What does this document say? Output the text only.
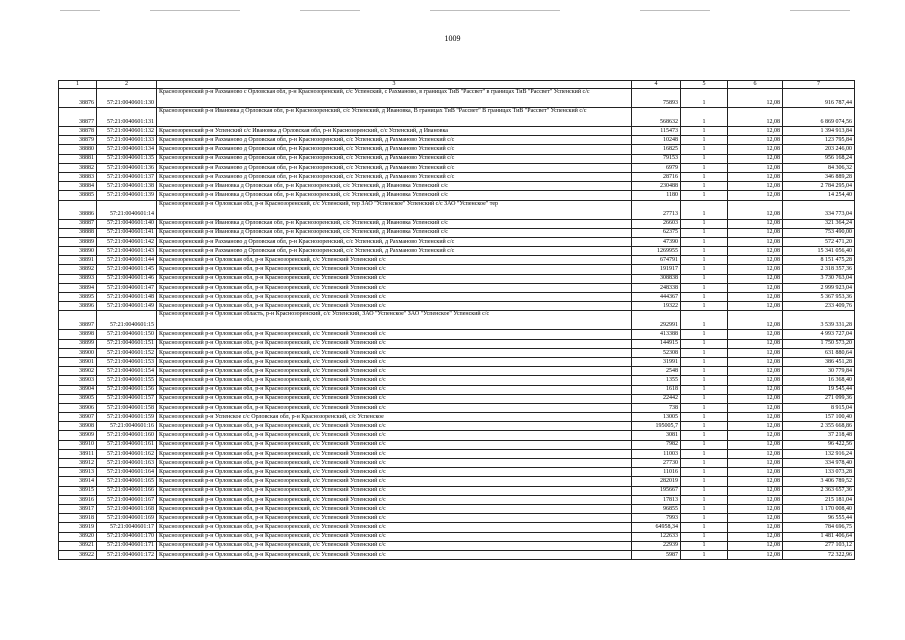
1009
1	2	3	4	5	6	7
38876	57:21:0040601:130	Краснозоренский р-н Рахманово с Орловская обл, р-н Краснозоренский, с/с Успенский, с Рахманово, в границах ТиВ "Рассвет" в границах ТиВ "Рассвет" Успенский с/с	75893	1	12,08	916 787,44
38877	57:21:0040601:131	Краснозоренский р-н Ивановка д Орловская обл, р-н Краснозоренский, с/с Успенский, д Ивановка, В границах ТиВ "Рассвет" В границах ТиВ "Рассвет" Успенский с/с	568632	1	12,08	6 869 074,56
38878	57:21:0040601:132	Краснозоренский р-н Успенский с/с Ивановка д Орловская обл, р-н Краснозоренский, с/с Успенский, д Ивановка	115473	1	12,08	1 394 913,84
38879	57:21:0040601:133	Краснозоренский р-н Рахманово д Орловская обл, р-н Краснозоренский, с/с Успенский, д Рахманово Успенский с/с	10248	1	12,08	123 795,84
38880	57:21:0040601:134	Краснозоренский р-н Рахманово д Орловская обл, р-н Краснозоренский, с/с Успенский, д Рахманово Успенский с/с	16825	1	12,08	203 246,00
38881	57:21:0040601:135	Краснозоренский р-н Рахманово д Орловская обл, р-н Краснозоренский, с/с Успенский, д Рахманово Успенский с/с	79153	1	12,08	956 168,24
38882	57:21:0040601:136	Краснозоренский р-н Рахманово д Орловская обл, р-н Краснозоренский, с/с Успенский, д Рахманово Успенский с/с	6979	1	12,08	84 306,32
38883	57:21:0040601:137	Краснозоренский р-н Рахманово д Орловская обл, р-н Краснозоренский, с/с Успенский, д Рахманово Успенский с/с	28716	1	12,08	346 889,28
38884	57:21:0040601:138	Краснозоренский р-н Ивановка д Орловская обл, р-н Краснозоренский, с/с Успенский, д Ивановка Успенский с/с	230488	1	12,08	2 784 295,04
38885	57:21:0040601:139	Краснозоренский р-н Ивановка д Орловская обл, р-н Краснозоренский, с/с Успенский, д Ивановка Успенский с/с	1180	1	12,08	14 254,40
38886	57:21:0040601:14	Краснозоренский р-н Орловская обл, р-н Краснозоренский, с/с Успенский, тер ЗАО "Успенское" Успенский с/с ЗАО "Успенское" тер	27713	1	12,08	334 773,04
38887	57:21:0040601:140	Краснозоренский р-н Ивановка д Орловская обл, р-н Краснозоренский, с/с Успенский, д Ивановка Успенский с/с	26603	1	12,08	321 364,24
38888	57:21:0040601:141	Краснозоренский р-н Ивановка д Орловская обл, р-н Краснозоренский, с/с Успенский, д Ивановка Успенский с/с	62375	1	12,08	753 490,00
38889	57:21:0040601:142	Краснозоренский р-н Рахманово д Орловская обл, р-н Краснозоренский, с/с Успенский, д Рахманово Успенский с/с	47390	1	12,08	572 471,20
38890	57:21:0040601:143	Краснозоренский р-н Рахманово д Орловская обл, р-н Краснозоренский, с/с Успенский, д Рахманово Успенский с/с	1269955	1	12,08	15 341 056,40
38891	57:21:0040601:144	Краснозоренский р-н Орловская обл, р-н Краснозоренский, с/с Успенский Успенский с/с	674791	1	12,08	8 151 475,28
38892	57:21:0040601:145	Краснозоренский р-н Орловская обл, р-н Краснозоренский, с/с Успенский Успенский с/с	191917	1	12,08	2 318 357,36
38893	57:21:0040601:146	Краснозоренский р-н Орловская обл, р-н Краснозоренский, с/с Успенский Успенский с/с	308838	1	12,08	3 730 763,04
38894	57:21:0040601:147	Краснозоренский р-н Орловская обл, р-н Краснозоренский, с/с Успенский Успенский с/с	248338	1	12,08	2 999 923,04
38895	57:21:0040601:148	Краснозоренский р-н Орловская обл, р-н Краснозоренский, с/с Успенский Успенский с/с	444367	1	12,08	5 367 953,36
38896	57:21:0040601:149	Краснозоренский р-н Орловская обл, р-н Краснозоренский, с/с Успенский Успенский с/с	19322	1	12,08	233 409,76
38897	57:21:0040601:15	Краснозоренский р-н Орловская область, р-н Краснозоренский, с/с Успенский, ЗАО "Успенское" ЗАО "Успенское" Успенский с/с	292991	1	12,08	3 539 331,28
38898	57:21:0040601:150	Краснозоренский р-н Орловская обл, р-н Краснозоренский, с/с Успенский Успенский с/с	413388	1	12,08	4 993 727,04
38899	57:21:0040601:151	Краснозоренский р-н Орловская обл, р-н Краснозоренский, с/с Успенский Успенский с/с	144915	1	12,08	1 750 573,20
38900	57:21:0040601:152	Краснозоренский р-н Орловская обл, р-н Краснозоренский, с/с Успенский Успенский с/с	52308	1	12,08	631 880,64
38901	57:21:0040601:153	Краснозоренский р-н Орловская обл, р-н Краснозоренский, с/с Успенский Успенский с/с	31991	1	12,08	386 451,28
38902	57:21:0040601:154	Краснозоренский р-н Орловская обл, р-н Краснозоренский, с/с Успенский Успенский с/с	2548	1	12,08	30 779,84
38903	57:21:0040601:155	Краснозоренский р-н Орловская обл, р-н Краснозоренский, с/с Успенский Успенский с/с	1355	1	12,08	16 368,40
38904	57:21:0040601:156	Краснозоренский р-н Орловская обл, р-н Краснозоренский, с/с Успенский Успенский с/с	1618	1	12,08	19 545,44
38905	57:21:0040601:157	Краснозоренский р-н Орловская обл, р-н Краснозоренский, с/с Успенский Успенский с/с	22442	1	12,08	271 099,36
38906	57:21:0040601:158	Краснозоренский р-н Орловская обл, р-н Краснозоренский, с/с Успенский Успенский с/с	738	1	12,08	8 915,04
38907	57:21:0040601:159	Краснозоренский р-н Успенское с/с Орловская обл, р-н Краснозоренский, с/с Успенское	13005	1	12,08	157 100,40
38908	57:21:0040601:16	Краснозоренский р-н Орловская обл, р-н Краснозоренский, с/с Успенский Успенский с/с	195005,7	1	12,08	2 355 668,86
38909	57:21:0040601:160	Краснозоренский р-н Орловская обл, р-н Краснозоренский, с/с Успенский Успенский с/с	3081	1	12,08	37 218,48
38910	57:21:0040601:161	Краснозоренский р-н Орловская обл, р-н Краснозоренский, с/с Успенский Успенский с/с	7982	1	12,08	96 422,56
38911	57:21:0040601:162	Краснозоренский р-н Орловская обл, р-н Краснозоренский, с/с Успенский Успенский с/с	11003	1	12,08	132 916,24
38912	57:21:0040601:163	Краснозоренский р-н Орловская обл, р-н Краснозоренский, с/с Успенский Успенский с/с	27730	1	12,08	334 978,40
38913	57:21:0040601:164	Краснозоренский р-н Орловская обл, р-н Краснозоренский, с/с Успенский Успенский с/с	11016	1	12,08	133 073,28
38914	57:21:0040601:165	Краснозоренский р-н Орловская обл, р-н Краснозоренский, с/с Успенский Успенский с/с	282019	1	12,08	3 406 789,52
38915	57:21:0040601:166	Краснозоренский р-н Орловская обл, р-н Краснозоренский, с/с Успенский Успенский с/с	195667	1	12,08	2 363 657,36
38916	57:21:0040601:167	Краснозоренский р-н Орловская обл, р-н Краснозоренский, с/с Успенский Успенский с/с	17813	1	12,08	215 181,04
38917	57:21:0040601:168	Краснозоренский р-н Орловская обл, р-н Краснозоренский, с/с Успенский Успенский с/с	96855	1	12,08	1 170 008,40
38918	57:21:0040601:169	Краснозоренский р-н Орловская обл, р-н Краснозоренский, с/с Успенский Успенский с/с	7993	1	12,08	96 555,44
38919	57:21:0040601:17	Краснозоренский р-н Орловская обл, р-н Краснозоренский, с/с Успенский Успенский с/с	64958,34	1	12,08	784 696,75
38920	57:21:0040601:170	Краснозоренский р-н Орловская обл, р-н Краснозоренский, с/с Успенский Успенский с/с	122633	1	12,08	1 481 406,64
38921	57:21:0040601:171	Краснозоренский р-н Орловская обл, р-н Краснозоренский, с/с Успенский Успенский с/с	22939	1	12,08	277 103,12
38922	57:21:0040601:172	Краснозоренский р-н Орловская обл, р-н Краснозоренский, с/с Успенский Успенский с/с	5987	1	12,08	72 322,96
